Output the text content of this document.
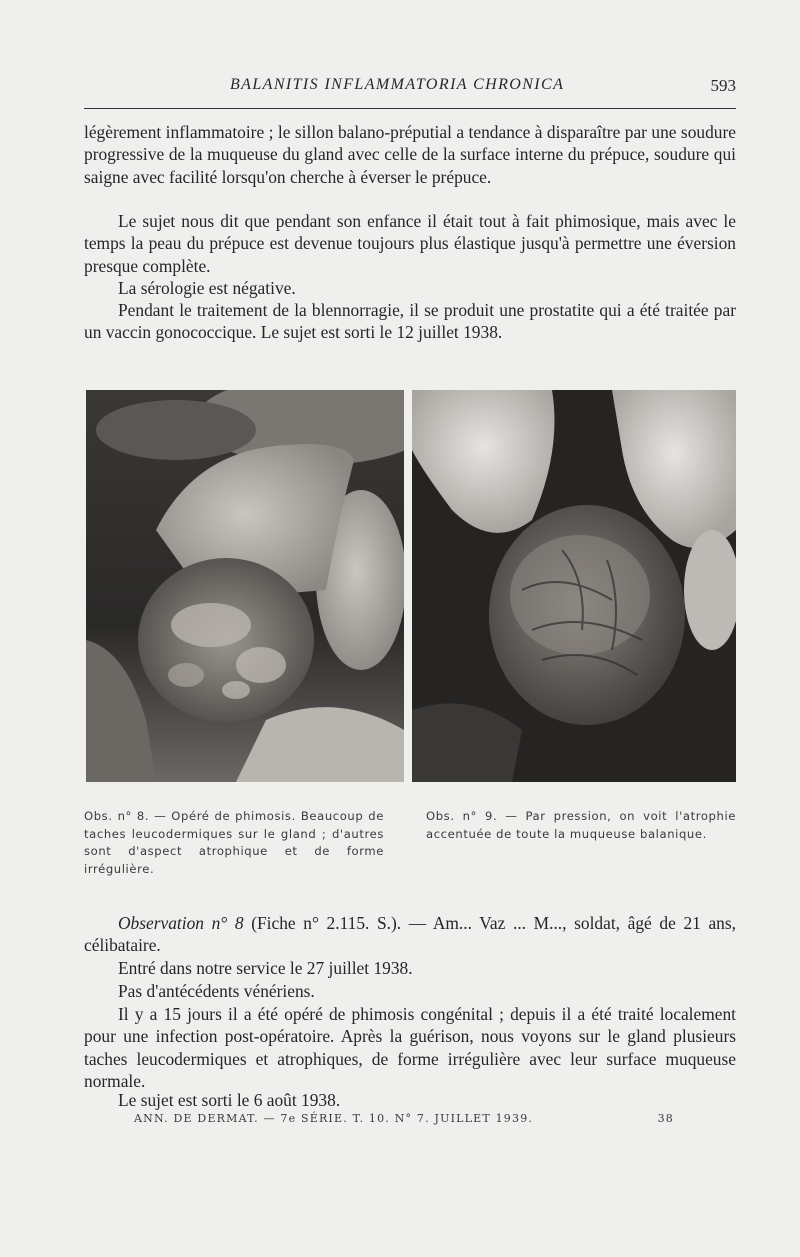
BALANITIS INFLAMMATORIA CHRONICA	593

légèrement inflammatoire ; le sillon balano-préputial a tendance à disparaître par une soudure progressive de la muqueuse du gland avec celle de la surface interne du prépuce, soudure qui saigne avec facilité lorsqu'on cherche à éverser le prépuce.

Le sujet nous dit que pendant son enfance il était tout à fait phimosique, mais avec le temps la peau du prépuce est devenue toujours plus élastique jusqu'à permettre une éversion presque complète.

La sérologie est négative.

Pendant le traitement de la blennorragie, il se produit une prostatite qui a été traitée par un vaccin gonococcique. Le sujet est sorti le 12 juillet 1938.

Obs. n° 8. — Opéré de phimosis. Beaucoup de taches leucodermiques sur le gland ; d'autres sont d'aspect atrophique et de forme irrégulière.

Obs. n° 9. — Par pression, on voit l'atrophie accentuée de toute la muqueuse balanique.

Observation n° 8 (Fiche n° 2.115. S.). — Am... Vaz ... M..., soldat, âgé de 21 ans, célibataire.

Entré dans notre service le 27 juillet 1938.

Pas d'antécédents vénériens.

Il y a 15 jours il a été opéré de phimosis congénital ; depuis il a été traité localement pour une infection post-opératoire. Après la guérison, nous voyons sur le gland plusieurs taches leucodermiques et atrophiques, de forme irrégulière avec leur surface muqueuse normale.

Le sujet est sorti le 6 août 1938.

ANN. DE DERMAT. — 7e SÉRIE. T. 10. N° 7. JUILLET 1939.	38
